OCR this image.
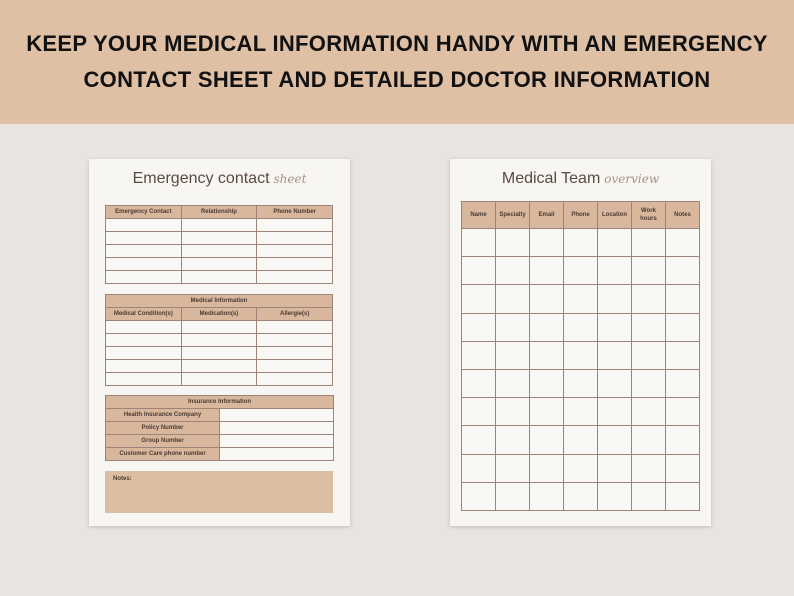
KEEP YOUR MEDICAL INFORMATION HANDY WITH AN EMERGENCY
CONTACT SHEET AND DETAILED DOCTOR INFORMATION
Emergency contact sheet
Emergency Contact	Relationship	Phone Number

Medical Information		
Medical Condition(s)	Medication(s)	Allergie(s)

Insurance Information	
Health Insurance Company	
Policy Number	
Group Number	
Customer Care phone number	
Notes:
Medical Team overview
Name	Specialty	Email	Phone	Location	Work hours	Notes
